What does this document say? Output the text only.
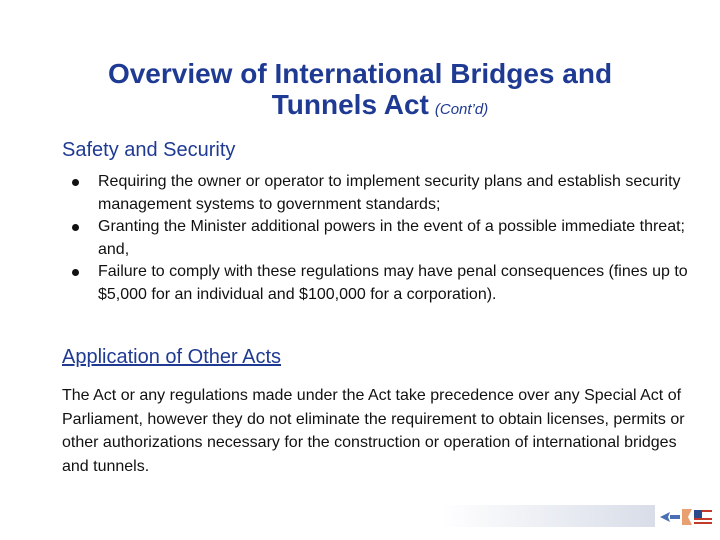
Overview of International Bridges and
Tunnels Act (Cont’d)
Safety and Security
Requiring the owner or operator to implement security plans and establish security management systems to government standards;
Granting the Minister additional powers in the event of a possible immediate threat; and,
Failure to comply with these regulations may have penal consequences (fines up to $5,000 for an individual and $100,000 for a corporation).
Application of Other Acts
The Act or any regulations made under the Act take precedence over any Special Act of Parliament, however they do not eliminate the requirement to obtain licenses, permits or other authorizations necessary for the construction or operation of international bridges and tunnels.
